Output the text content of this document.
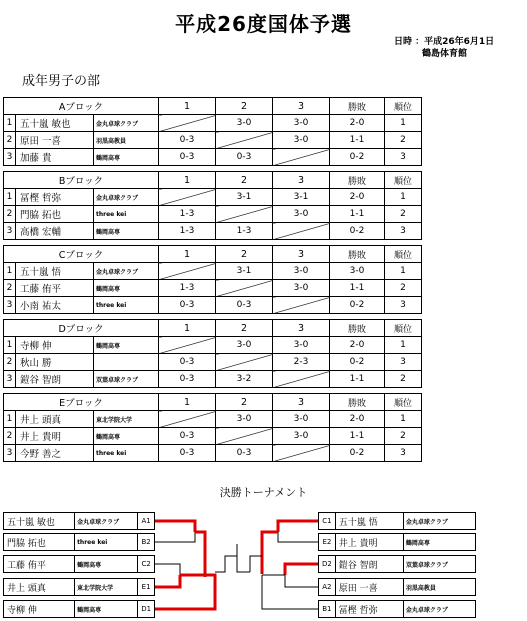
平成26度国体予選
日時 ：平成26年6月1日
鶴島体育館
成年男子の部
Aブロック			1	2	3	勝敗	順位
1	五十嵐 敏也	金丸卓球クラブ		3-0	3-0	2-0	1
2	原田 一喜	羽黒高教員	0-3		3-0	1-1	2
3	加藤 貴	鶴岡高専	0-3	0-3		0-2	3
Bブロック			1	2	3	勝敗	順位
1	冨樫 哲弥	金丸卓球クラブ		3-1	3-1	2-0	1
2	門脇 拓也	three kei	1-3		3-0	1-1	2
3	高橋 宏輔	鶴岡高専	1-3	1-3		0-2	3
Cブロック			1	2	3	勝敗	順位
1	五十嵐 悟	金丸卓球クラブ		3-1	3-0	3-0	1
2	工藤 侑平	鶴岡高専	1-3		3-0	1-1	2
3	小南 祐太	three kei	0-3	0-3		0-2	3
Dブロック			1	2	3	勝敗	順位
1	寺柳 伸	鶴岡高専		3-0	3-0	2-0	1
2	秋山 勝		0-3		2-3	0-2	3
3	鎧谷 智朗	双葉卓球クラブ	0-3	3-2		1-1	2
Eブロック			1	2	3	勝敗	順位
1	井上 頭真	東北学院大学		3-0	3-0	2-0	1
2	井上 貴明	鶴岡高専	0-3		3-0	1-1	2
3	今野 善之	three kei	0-3	0-3		0-2	3
決勝トーナメント
五十嵐 敏也	金丸卓球クラブ	A1
門脇 拓也	three kei	B2
工藤 侑平	鶴岡高専	C2
井上 頭真	東北学院大学	E1
寺柳 伸	鶴岡高専	D1
C1 五十嵐 悟	金丸卓球クラブ
E2 井上 貴明	鶴岡高専
D2 鎧谷 智朗	双葉卓球クラブ
A2 原田 一喜	羽黒高教員
B1 冨樫 哲弥	金丸卓球クラブ
